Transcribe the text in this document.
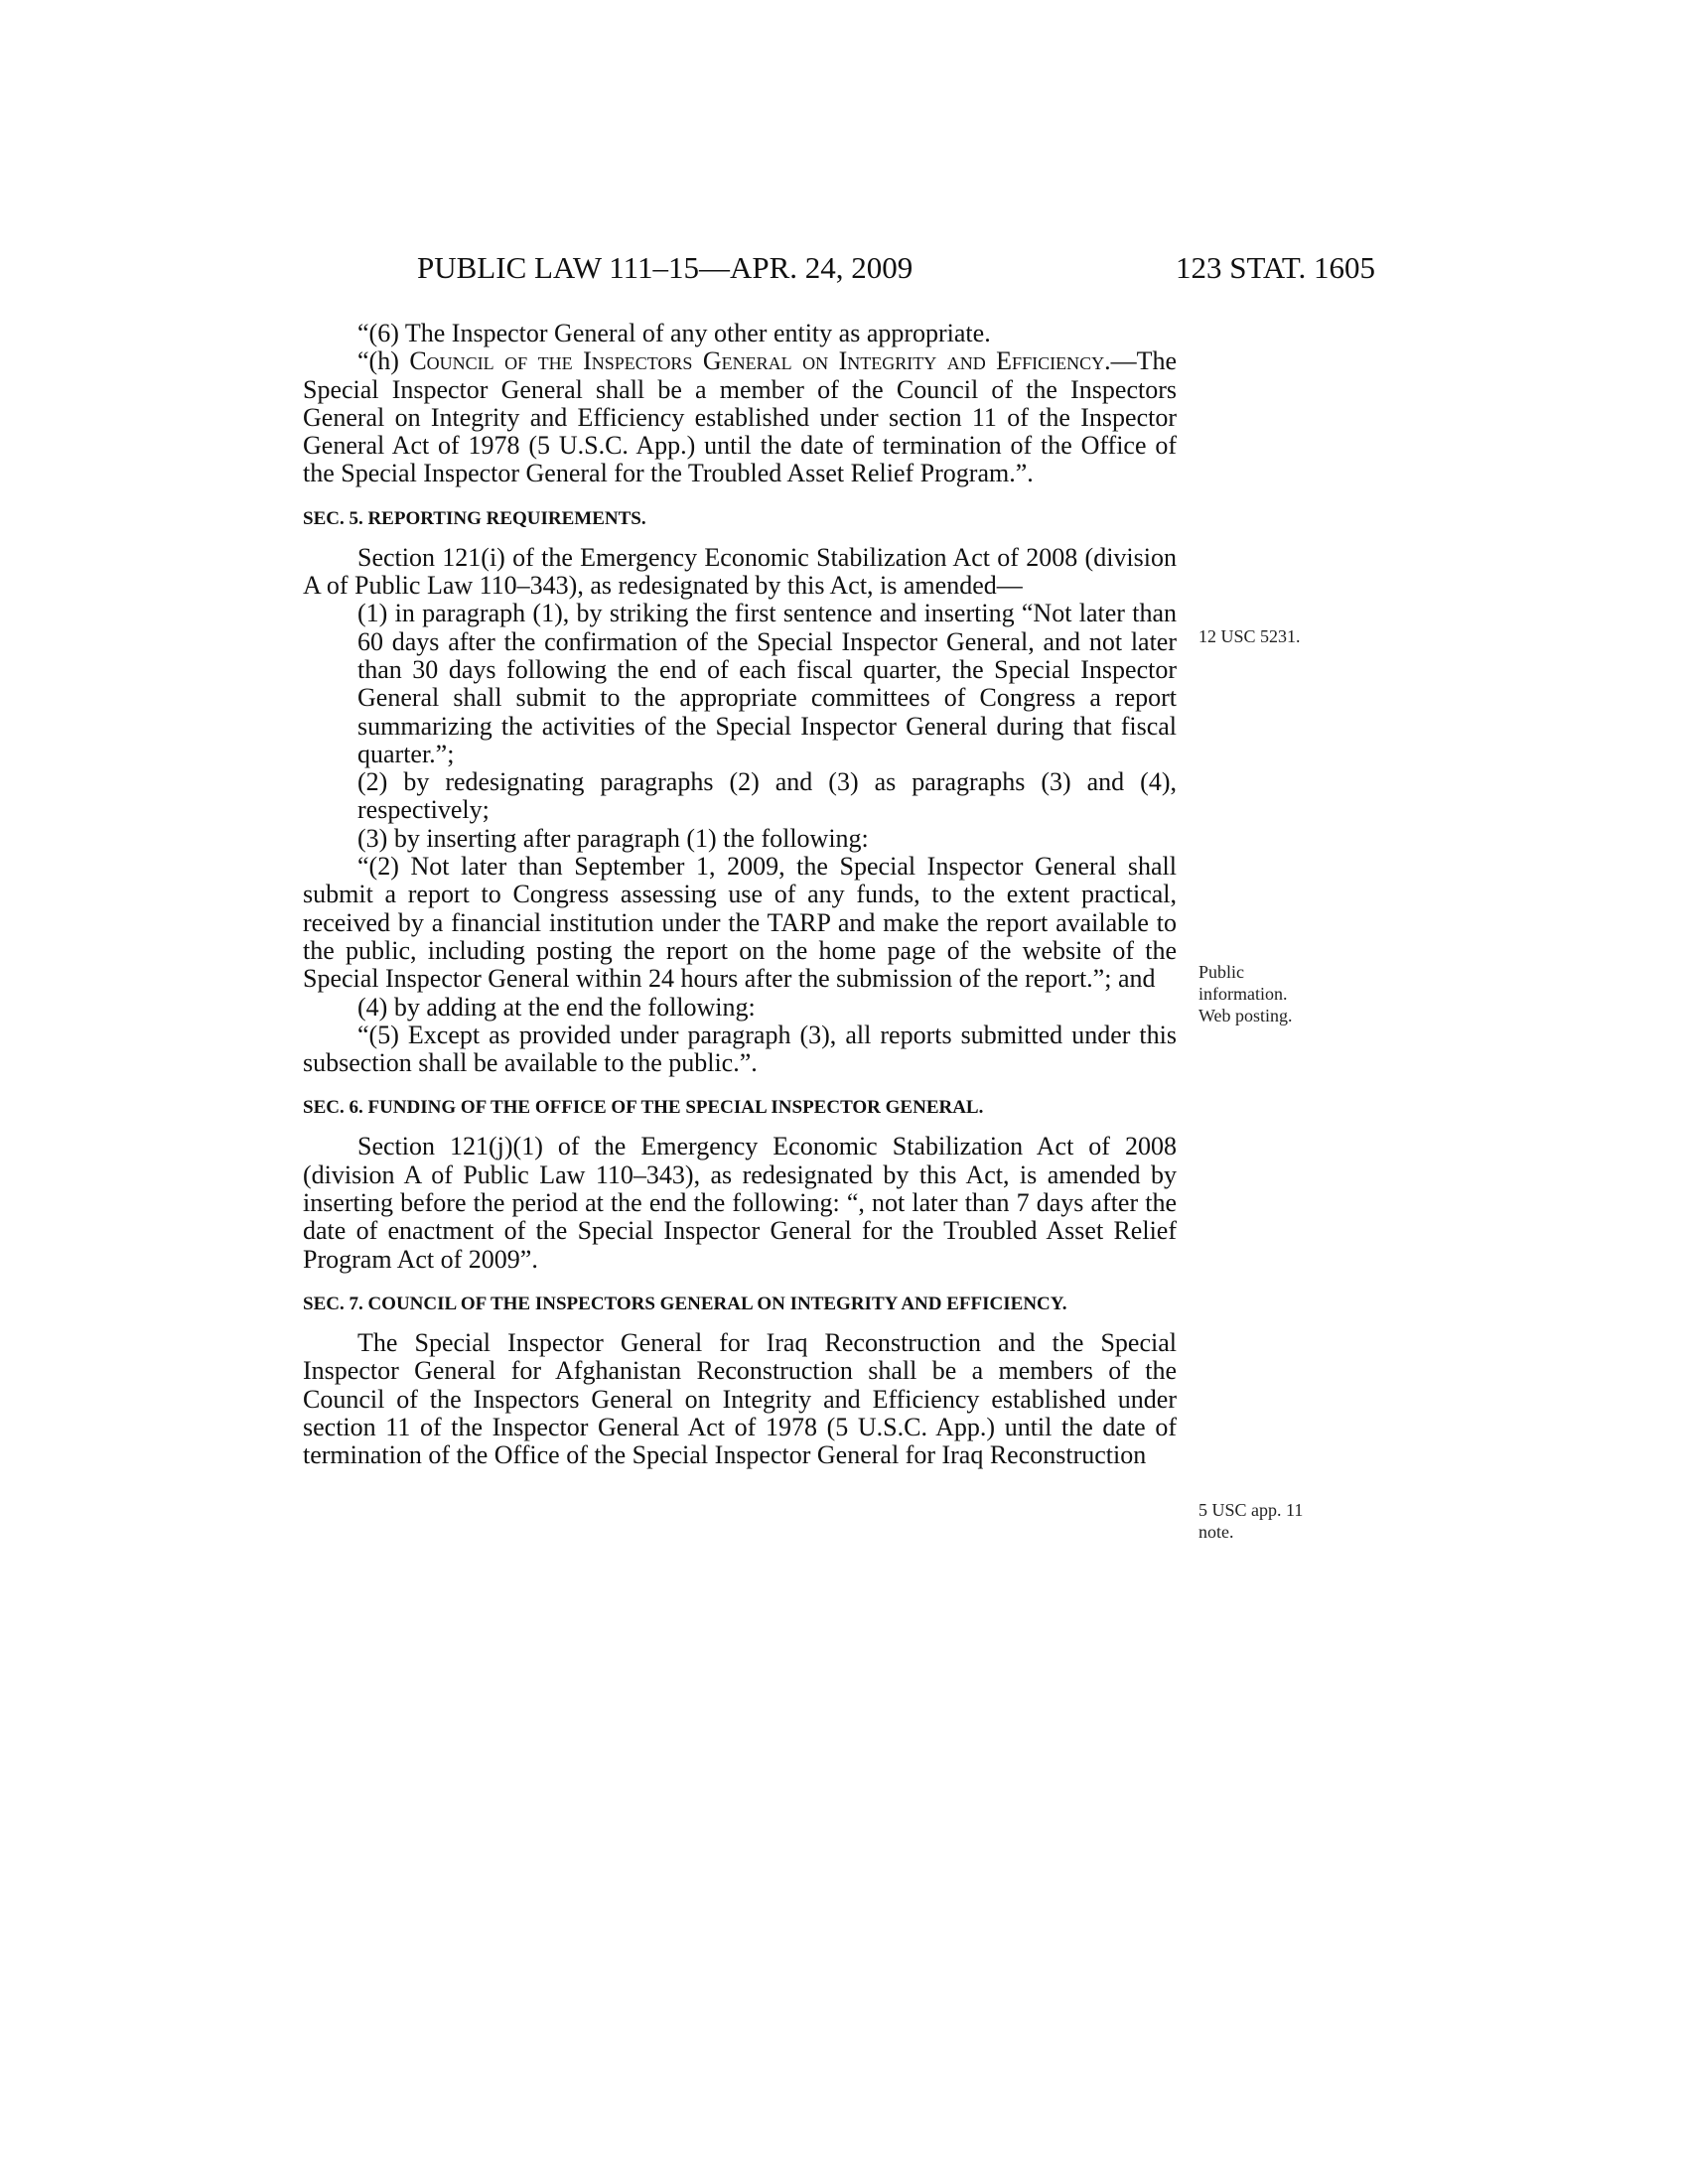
PUBLIC LAW 111–15—APR. 24, 2009	123 STAT. 1605

“(6) The Inspector General of any other entity as appropriate.

“(h) Council of the Inspectors General on Integrity and Efficiency.—The Special Inspector General shall be a member of the Council of the Inspectors General on Integrity and Efficiency established under section 11 of the Inspector General Act of 1978 (5 U.S.C. App.) until the date of termination of the Office of the Special Inspector General for the Troubled Asset Relief Program.”.

SEC. 5. REPORTING REQUIREMENTS.

Section 121(i) of the Emergency Economic Stabilization Act of 2008 (division A of Public Law 110–343), as redesignated by this Act, is amended—

(1) in paragraph (1), by striking the first sentence and inserting “Not later than 60 days after the confirmation of the Special Inspector General, and not later than 30 days following the end of each fiscal quarter, the Special Inspector General shall submit to the appropriate committees of Congress a report summarizing the activities of the Special Inspector General during that fiscal quarter.”;

(2) by redesignating paragraphs (2) and (3) as paragraphs (3) and (4), respectively;

(3) by inserting after paragraph (1) the following:

“(2) Not later than September 1, 2009, the Special Inspector General shall submit a report to Congress assessing use of any funds, to the extent practical, received by a financial institution under the TARP and make the report available to the public, including posting the report on the home page of the website of the Special Inspector General within 24 hours after the submission of the report.”; and

(4) by adding at the end the following:

“(5) Except as provided under paragraph (3), all reports submitted under this subsection shall be available to the public.”.

SEC. 6. FUNDING OF THE OFFICE OF THE SPECIAL INSPECTOR GENERAL.

Section 121(j)(1) of the Emergency Economic Stabilization Act of 2008 (division A of Public Law 110–343), as redesignated by this Act, is amended by inserting before the period at the end the following: “, not later than 7 days after the date of enactment of the Special Inspector General for the Troubled Asset Relief Program Act of 2009”.

SEC. 7. COUNCIL OF THE INSPECTORS GENERAL ON INTEGRITY AND EFFICIENCY.

The Special Inspector General for Iraq Reconstruction and the Special Inspector General for Afghanistan Reconstruction shall be a members of the Council of the Inspectors General on Integrity and Efficiency established under section 11 of the Inspector General Act of 1978 (5 U.S.C. App.) until the date of termination of the Office of the Special Inspector General for Iraq Reconstruction

12 USC 5231.
Public
information.
Web posting.
5 USC app. 11
note.
